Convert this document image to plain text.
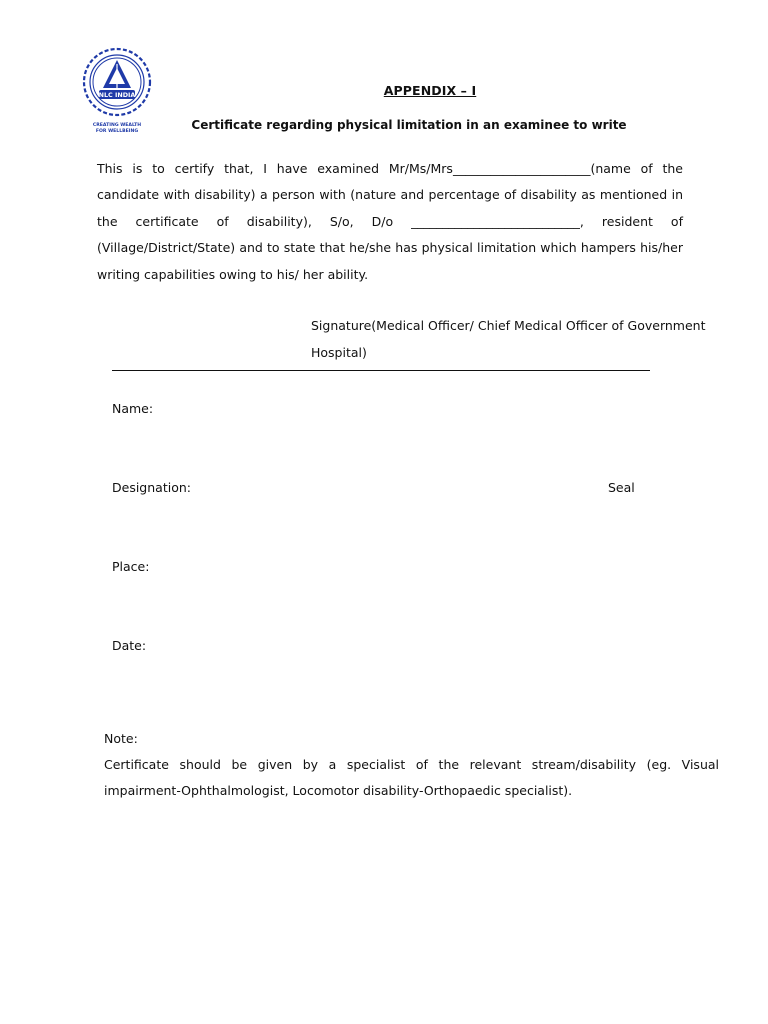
NLC INDIA
CREATING WEALTH
FOR WELLBEING
APPENDIX – I
Certificate regarding physical limitation in an examinee to write
This is to certify that, I have examined Mr/Ms/Mrs______________________(name of the candidate with disability) a person with (nature and percentage of disability as mentioned in the certificate of disability), S/o, D/o ___________________________, resident of (Village/District/State) and to state that he/she has physical limitation which hampers his/her writing capabilities owing to his/ her ability.
Signature(Medical Officer/ Chief Medical Officer of Government Hospital)
Name:
Designation:	Seal
Place:
Date:
Note:
Certificate should be given by a specialist of the relevant stream/disability (eg. Visual impairment-Ophthalmologist, Locomotor disability-Orthopaedic specialist).
